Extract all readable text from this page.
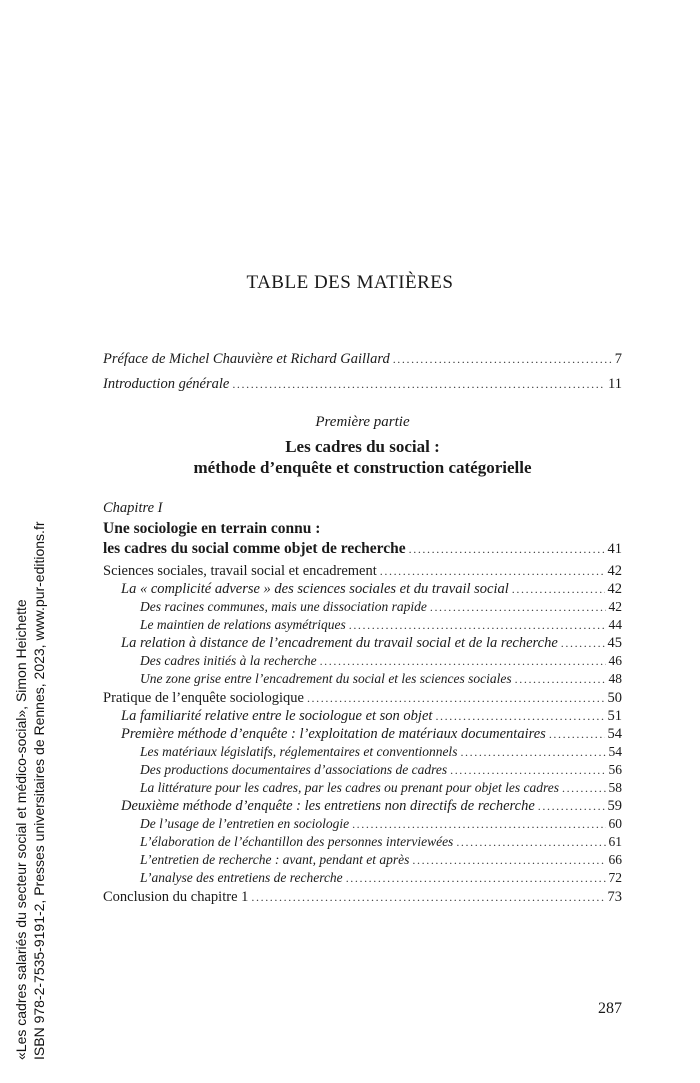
TABLE DES MATIÈRES
Préface de Michel Chauvière et Richard Gaillard .....	7
Introduction générale .....	11
Première partie
Les cadres du social :
méthode d’enquête et construction catégorielle
Chapitre I
Une sociologie en terrain connu :
les cadres du social comme objet de recherche .....	41
Sciences sociales, travail social et encadrement .....	42
La « complicité adverse » des sciences sociales et du travail social .....	42
Des racines communes, mais une dissociation rapide .....	42
Le maintien de relations asymétriques .....	44
La relation à distance de l’encadrement du travail social et de la recherche .....	45
Des cadres initiés à la recherche .....	46
Une zone grise entre l’encadrement du social et les sciences sociales .....	48
Pratique de l’enquête sociologique .....	50
La familiarité relative entre le sociologue et son objet .....	51
Première méthode d’enquête : l’exploitation de matériaux documentaires .....	54
Les matériaux législatifs, réglementaires et conventionnels .....	54
Des productions documentaires d’associations de cadres .....	56
La littérature pour les cadres, par les cadres ou prenant pour objet les cadres .....	58
Deuxième méthode d’enquête : les entretiens non directifs de recherche .....	59
De l’usage de l’entretien en sociologie .....	60
L’élaboration de l’échantillon des personnes interviewées .....	61
L’entretien de recherche : avant, pendant et après .....	66
L’analyse des entretiens de recherche .....	72
Conclusion du chapitre 1 .....	73
287
«Les cadres salariés du secteur social et médico-social», Simon Heichette ISBN 978-2-7535-9191-2, Presses universitaires de Rennes, 2023, www.pur-editions.fr
